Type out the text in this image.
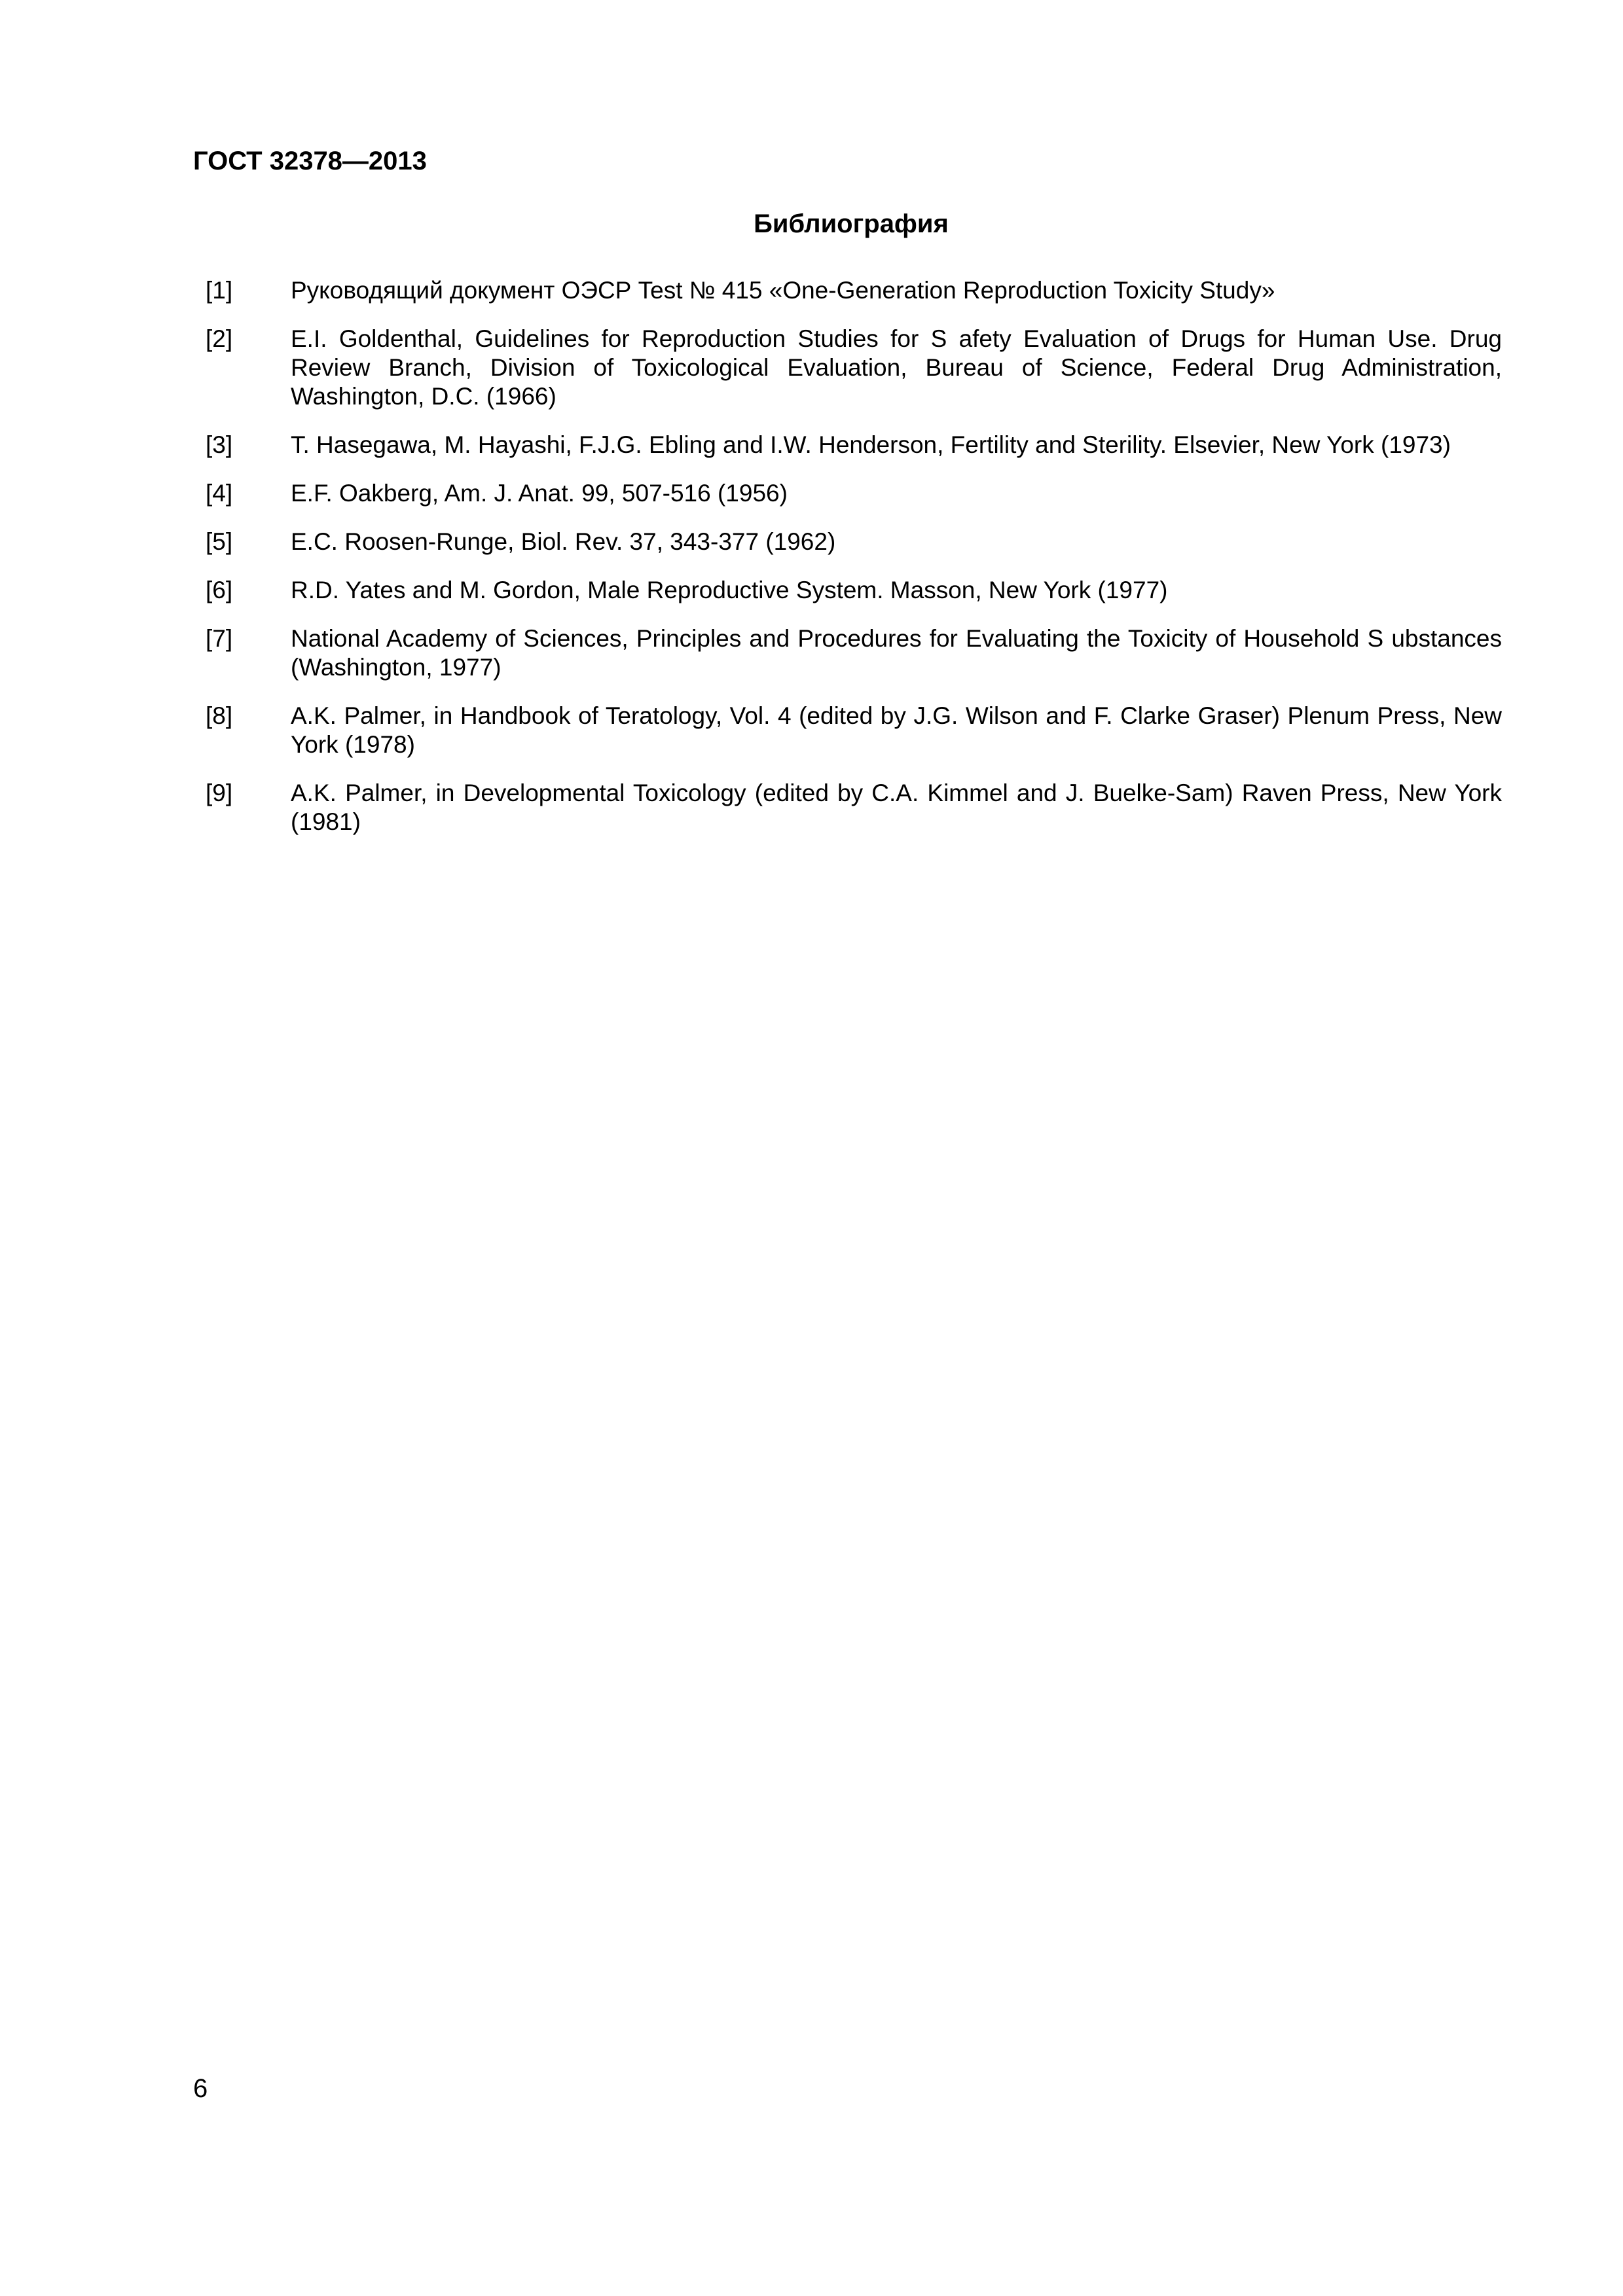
ГОСТ 32378—2013
Библиография
[1]	Руководящий документ ОЭСР Test № 415 «One-Generation Reproduction Toxicity Study»
[2]	E.I. Goldenthal, Guidelines for Reproduction Studies for S afety Evaluation of Drugs for Human Use. Drug Review Branch, Division of Toxicological Evaluation, Bureau of Science, Federal Drug Administration, Washington, D.C. (1966)
[3]	T. Hasegawa, M. Hayashi, F.J.G. Ebling and I.W. Henderson, Fertility and Sterility. Elsevier, New York (1973)
[4]	E.F. Oakberg, Am. J. Anat. 99, 507-516 (1956)
[5]	E.C. Roosen-Runge, Biol. Rev. 37, 343-377 (1962)
[6]	R.D. Yates and M. Gordon, Male Reproductive System. Masson, New York (1977)
[7]	National Academy of Sciences, Principles and Procedures for Evaluating the Toxicity of Household S ubstances (Washington, 1977)
[8]	A.K. Palmer, in Handbook of Teratology, Vol. 4 (edited by J.G. Wilson and F. Clarke Graser) Plenum Press, New York (1978)
[9]	A.K. Palmer, in Developmental Toxicology (edited by C.A. Kimmel and J. Buelke-Sam) Raven Press, New York (1981)
6
